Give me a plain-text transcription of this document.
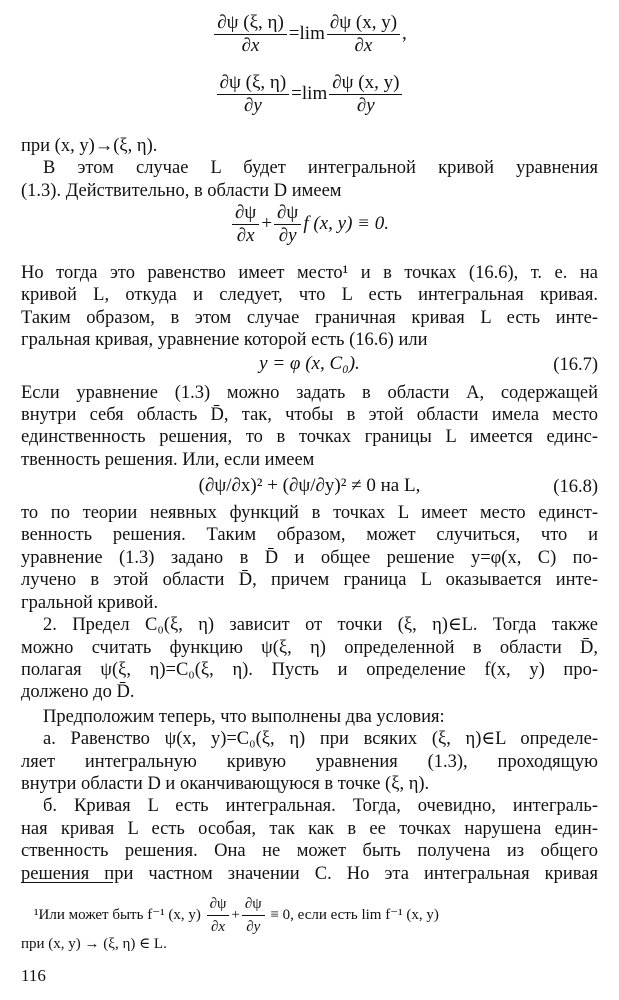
$\frac{\partial\psi (\xi, \eta)}{\partial x} =\lim \frac{\partial\psi (x, y)}{\partial x}$ ,
$\frac{\partial\psi (\xi, \eta)}{\partial y} =\lim \frac{\partial\psi (x, y)}{\partial y}$
при (x, y)→(ξ, η).
В этом случае L будет интегральной кривой уравнения
(1.3). Действительно, в области D имеем
$\frac{\partial\psi}{\partial x} + \frac{\partial\psi}{\partial y}$ f (x, y) ≡ 0.
Но тогда это равенство имеет место¹ и в точках (16.6), т. е. на
кривой L, откуда и следует, что L есть интегральная кривая.
Таким образом, в этом случае граничная кривая L есть инте-
гральная кривая, уравнение которой есть (16.6) или
y = φ (x, C₀).	(16.7)
Если уравнение (1.3) можно задать в области A, содержащей
внутри себя область D̄, так, чтобы в этой области имела место
единственность решения, то в точках границы L имеется единс-
твенность решения. Или, если имеем
(∂ψ/∂x)² + (∂ψ/∂y)² ≠ 0 на L,	(16.8)
то по теории неявных функций в точках L имеет место единст-
венность решения. Таким образом, может случиться, что и
уравнение (1.3) задано в D̄ и общее решение y=φ(x, C) по-
лучено в этой области D̄, причем граница L оказывается инте-
гральной кривой.
2. Предел C₀(ξ, η) зависит от точки (ξ, η)∈L. Тогда также
можно считать функцию ψ(ξ, η) определенной в области D̄,
полагая ψ(ξ, η)=C₀(ξ, η). Пусть и определение f(x, y) про-
должено до D̄.
Предположим теперь, что выполнены два условия:
а. Равенство ψ(x, y)=C₀(ξ, η) при всяких (ξ, η)∈L определе-
ляет интегральную кривую уравнения (1.3), проходящую
внутри области D и оканчивающуюся в точке (ξ, η).
б. Кривая L есть интегральная. Тогда, очевидно, интеграль-
ная кривая L есть особая, так как в ее точках нарушена един-
ственность решения. Она не может быть получена из общего
решения при частном значении C. Но эта интегральная кривая
¹Или может быть f⁻¹ (x, $y) \frac{\partial\psi}{\partial x} + \frac{\partial\psi}{\partial y} \equiv 0$, если есть lim f⁻¹ (x, y)
при (x, y) → (ξ, η) ∈ L.
116
